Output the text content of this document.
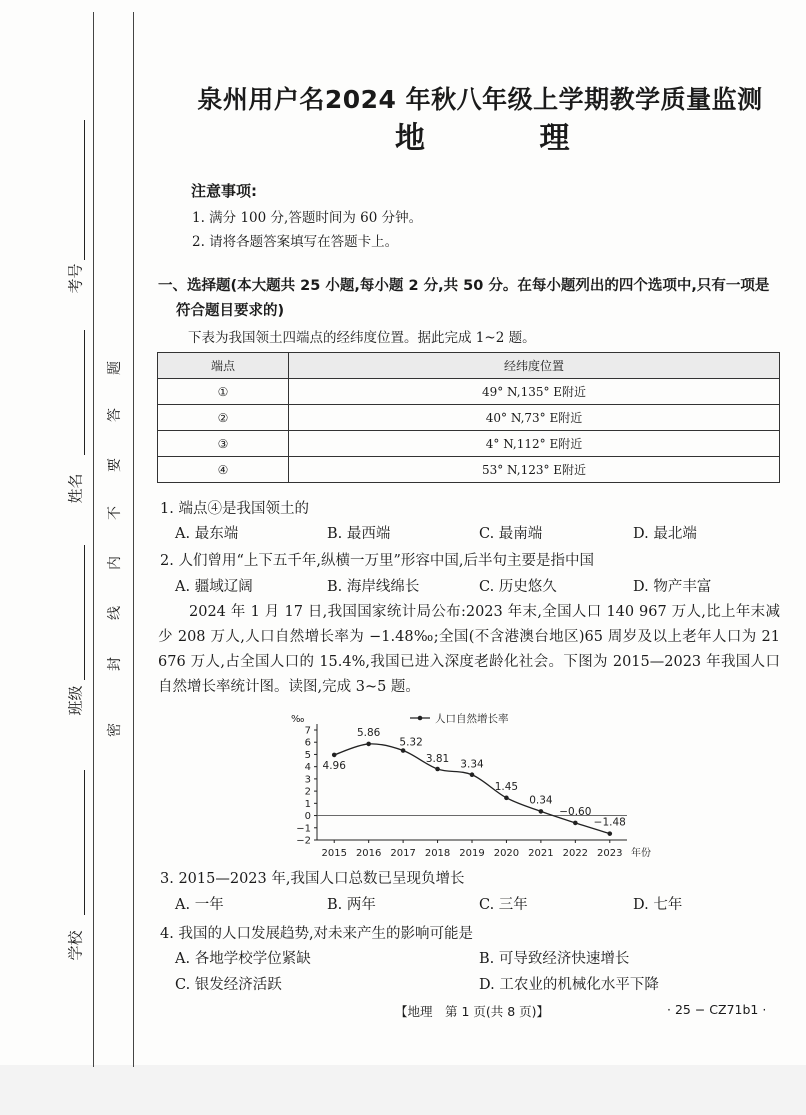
考号
姓名
班级
学校
密
封
线
内
不
要
答
题
泉州用户名2024 年秋八年级上学期教学质量监测
地 理
注意事项:
1. 满分 100 分,答题时间为 60 分钟。
2. 请将各题答案填写在答题卡上。
一、选择题(本大题共 25 小题,每小题 2 分,共 50 分。在每小题列出的四个选项中,只有一项是
符合题目要求的)
下表为我国领土四端点的经纬度位置。据此完成 1~2 题。
端点	经纬度位置
①	49° N,135° E附近
②	40° N,73° E附近
③	4° N,112° E附近
④	53° N,123° E附近
1. 端点④是我国领土的
A. 最东端	B. 最西端	C. 最南端	D. 最北端
2. 人们曾用“上下五千年,纵横一万里”形容中国,后半句主要是指中国
A. 疆域辽阔	B. 海岸线绵长	C. 历史悠久	D. 物产丰富
2024 年 1 月 17 日,我国国家统计局公布:2023 年末,全国人口 140 967 万人,比上年末减少 208 万人,人口自然增长率为 −1.48‰;全国(不含港澳台地区)65 周岁及以上老年人口为 21 676 万人,占全国人口的 15.4%,我国已进入深度老龄化社会。下图为 2015—2023 年我国人口自然增长率统计图。读图,完成 3~5 题。
7
6
5
4
3
2
1
0
−1
−2
‰
2015 2016 2017 2018 2019 2020 2021 2022 2023 年份
4.96
5.86
5.32
3.81 3.34
1.45
0.34
−0.60
−1.48
人口自然增长率
3. 2015—2023 年,我国人口总数已呈现负增长
A. 一年	B. 两年	C. 三年	D. 七年
4. 我国的人口发展趋势,对未来产生的影响可能是
A. 各地学校学位紧缺	B. 可导致经济快速增长
C. 银发经济活跃	D. 工农业的机械化水平下降
【地理　第 1 页(共 8 页)】	· 25 − CZ71b1 ·
